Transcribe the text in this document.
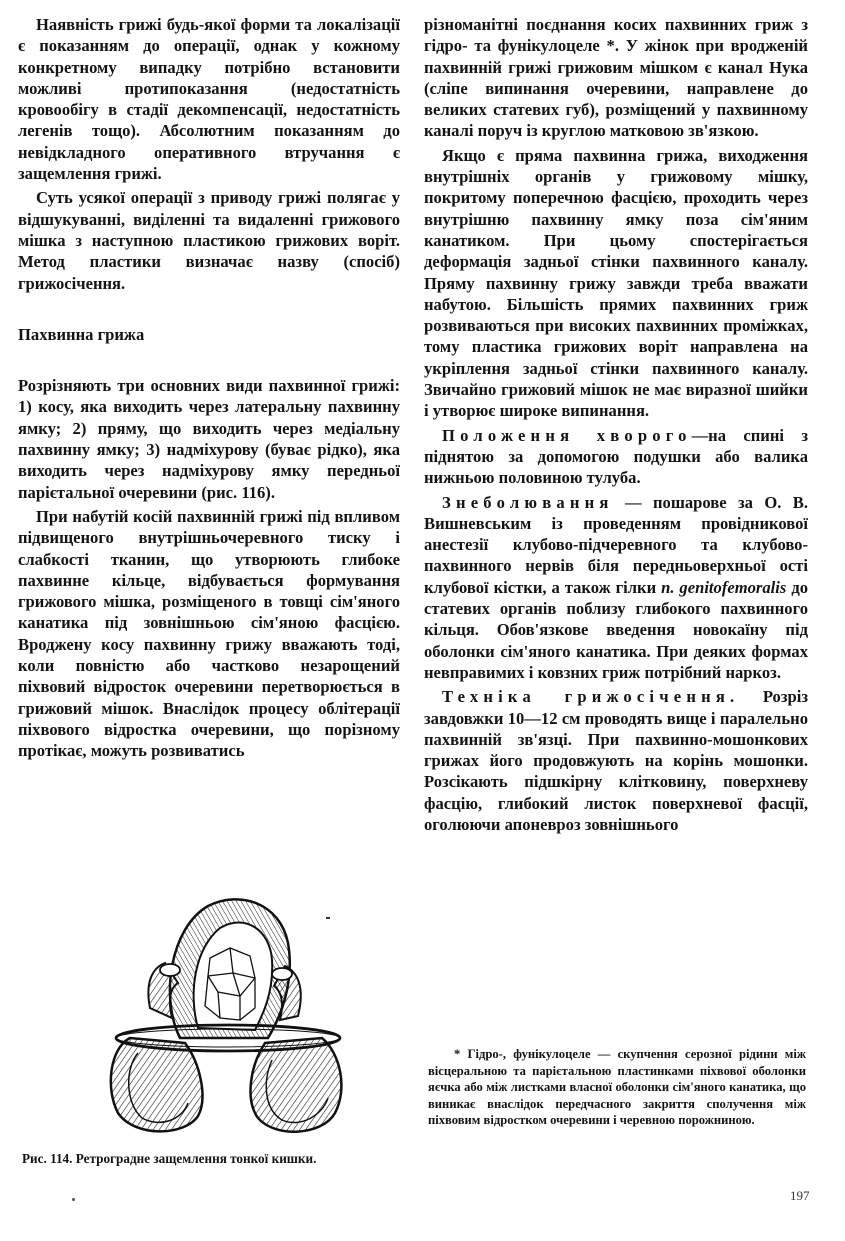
Наявність грижі будь-якої форми та локалізації є показанням до операції, однак у кожному конкретному випадку потрібно встановити можливі протипоказання (недостатність кровообігу в стадії декомпенсації, недостатність легенів тощо). Абсолютним показанням до невідкладного оперативного втручання є защемлення грижі.

Суть усякої операції з приводу грижі полягає у відшукуванні, виділенні та видаленні грижового мішка з наступною пластикою грижових воріт. Метод пластики визначає назву (спосіб) грижосічення.

Пахвинна грижа

Розрізняють три основних види пахвинної грижі: 1) косу, яка виходить через латеральну пахвинну ямку; 2) пряму, що виходить через медіальну пахвинну ямку; 3) надміхурову (буває рідко), яка виходить через надміхурову ямку передньої парієтальної очеревини (рис. 116).

При набутій косій пахвинній грижі під впливом підвищеного внутрішньочеревного тиску і слабкості тканин, що утворюють глибоке пахвинне кільце, відбувається формування грижового мішка, розміщеного в товщі сім'яного канатика під зовнішньою сім'яною фасцією. Вроджену косу пахвинну грижу вважають тоді, коли повністю або частково незарощений піхвовий відросток очеревини перетворюється в грижовий мішок. Внаслідок процесу облітерації піхвового відростка очеревини, що порізному протікає, можуть розвиватись

Рис. 114. Ретроградне защемлення тонкої кишки.

різноманітні поєднання косих пахвинних гриж з гідро- та фунікулоцеле *. У жінок при вродженій пахвинній грижі грижовим мішком є канал Нука (сліпе випинання очеревини, направлене до великих статевих губ), розміщений у пахвинному каналі поруч із круглою матковою зв'язкою.

Якщо є пряма пахвинна грижа, виходження внутрішніх органів у грижовому мішку, покритому поперечною фасцією, проходить через внутрішню пахвинну ямку поза сім'яним канатиком. При цьому спостерігається деформація задньої стінки пахвинного каналу. Пряму пахвинну грижу завжди треба вважати набутою. Більшість прямих пахвинних гриж розвиваються при високих пахвинних проміжках, тому пластика грижових воріт направлена на укріплення задньої стінки пахвинного каналу. Звичайно грижовий мішок не має виразної шийки і утворює широке випинання.

Положення хворого—на спині з піднятою за допомогою подушки або валика нижньою половиною тулуба.

Знеболювання — пошарове за О. В. Вишневським із проведенням провідникової анестезії клубово-підчеревного та клубово-пахвинного нервів біля передньоверхньої ості клубової кістки, а також гілки n. genitofemoralis до статевих органів поблизу глибокого пахвинного кільця. Обов'язкове введення новокаїну під оболонки сім'яного канатика. При деяких формах невправимих і ковзних гриж потрібний наркоз.

Техніка грижосічення. Розріз завдовжки 10—12 см проводять вище і паралельно пахвинній зв'язці. При пахвинно-мошонкових грижах його продовжують на корінь мошонки. Розсікають підшкірну клітковину, поверхневу фасцію, глибокий листок поверхневої фасції, оголюючи апоневроз зовнішнього

* Гідро-, фунікулоцеле — скупчення серозної рідини між вісцеральною та парієтальною пластинками піхвової оболонки яєчка або між листками власної оболонки сім'яного канатика, що виникає внаслідок передчасного закриття сполучення між піхвовим відростком очеревини і черевною порожниною.
197
